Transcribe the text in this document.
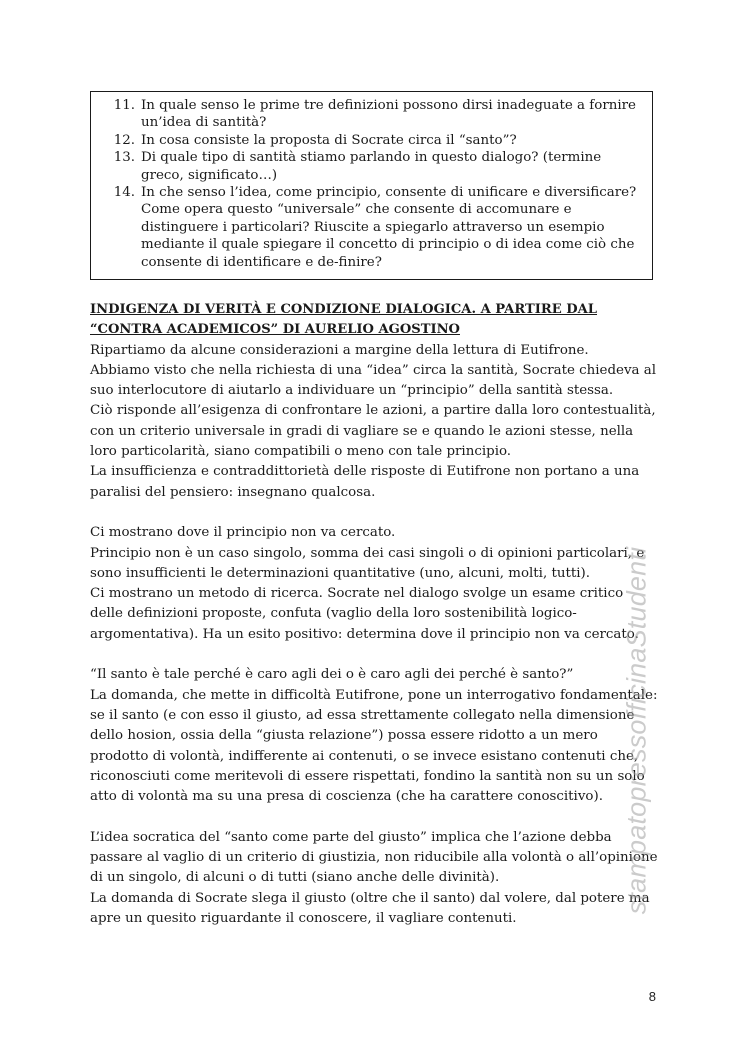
11. In quale senso le prime tre definizioni possono dirsi inadeguate a fornire un’idea di santità?
12. In cosa consiste la proposta di Socrate circa il “santo”?
13. Di quale tipo di santità stiamo parlando in questo dialogo? (termine greco, significato…)
14. In che senso l’idea, come principio, consente di unificare e diversificare? Come opera questo “universale” che consente di accomunare e distinguere i particolari? Riuscite a spiegarlo attraverso un esempio mediante il quale spiegare il concetto di principio o di idea come ciò che consente di identificare e de-finire?
INDIGENZA DI VERITÀ E CONDIZIONE DIALOGICA. A PARTIRE DAL “CONTRA ACADEMICOS” DI AURELIO AGOSTINO

Ripartiamo da alcune considerazioni a margine della lettura di Eutifrone.

Abbiamo visto che nella richiesta di una “idea” circa la santità, Socrate chiedeva al suo interlocutore di aiutarlo a individuare un “principio” della santità stessa.

Ciò risponde all’esigenza di confrontare le azioni, a partire dalla loro contestualità, con un criterio universale in gradi di vagliare se e quando le azioni stesse, nella loro particolarità, siano compatibili o meno con tale principio.

La insufficienza e contraddittorietà delle risposte di Eutifrone non portano a una paralisi del pensiero: insegnano qualcosa.

Ci mostrano dove il principio non va cercato.

Principio non è un caso singolo, somma dei casi singoli o di opinioni particolari, e sono insufficienti le determinazioni quantitative (uno, alcuni, molti, tutti).

Ci mostrano un metodo di ricerca. Socrate nel dialogo svolge un esame critico delle definizioni proposte, confuta (vaglio della loro sostenibilità logico-argomentativa). Ha un esito positivo: determina dove il principio non va cercato.

“Il santo è tale perché è caro agli dei o è caro agli dei perché è santo?”

La domanda, che mette in difficoltà Eutifrone, pone un interrogativo fondamentale: se il santo (e con esso il giusto, ad essa strettamente collegato nella dimensione dello hosion, ossia della “giusta relazione”) possa essere ridotto a un mero prodotto di volontà, indifferente ai contenuti, o se invece esistano contenuti che, riconosciuti come meritevoli di essere rispettati, fondino la santità non su un solo atto di volontà ma su una presa di coscienza (che ha carattere conoscitivo).

L’idea socratica del “santo come parte del giusto” implica che l’azione debba passare al vaglio di un criterio di giustizia, non riducibile alla volontà o all’opinione di un singolo, di alcuni o di tutti (siano anche delle divinità).

La domanda di Socrate slega il giusto (oltre che il santo) dal volere, dal potere ma apre un quesito riguardante il conoscere, il vagliare contenuti.

stampatopressofficinaStudenti
8
